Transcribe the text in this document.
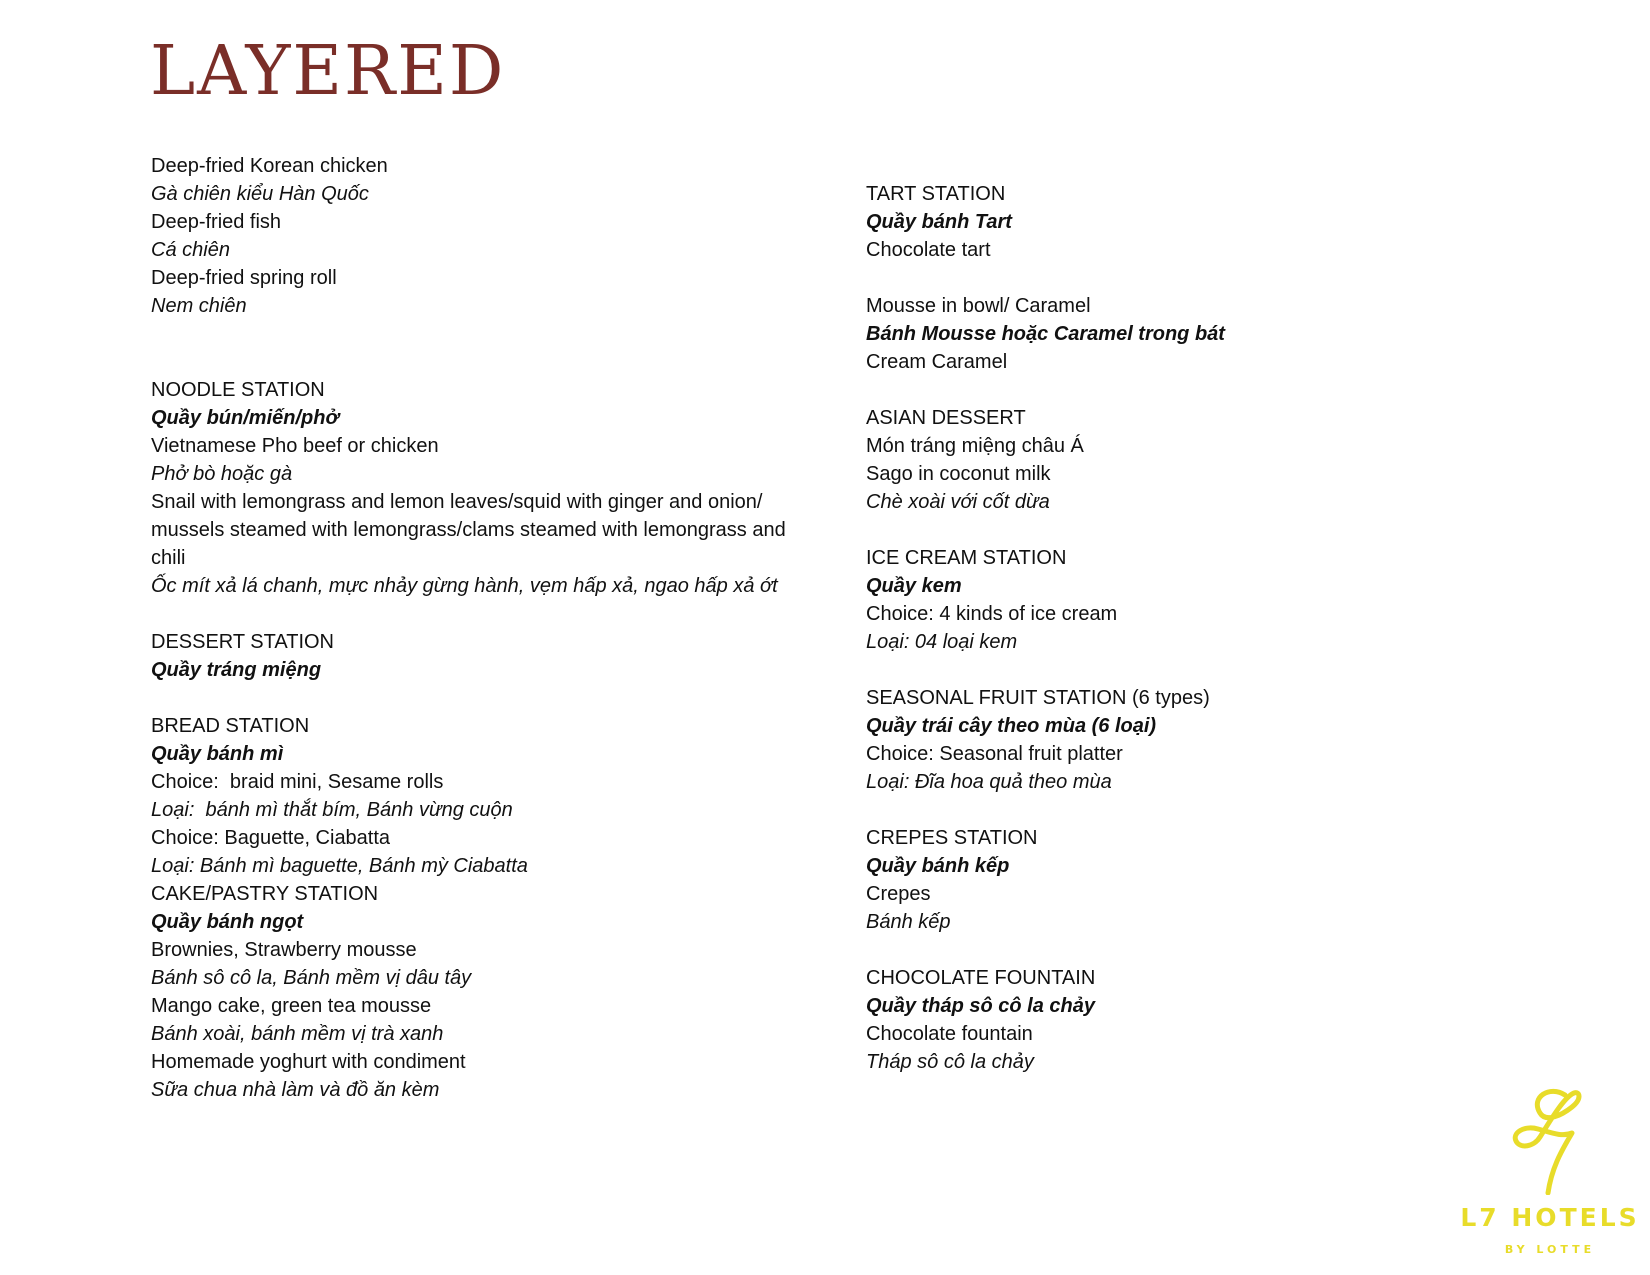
LAYERED
Deep-fried Korean chicken
Gà chiên kiểu Hàn Quốc
Deep-fried fish
Cá chiên
Deep-fried spring roll
Nem chiên
NOODLE STATION
Quầy bún/miến/phở
Vietnamese Pho beef or chicken
Phở bò hoặc gà
Snail with lemongrass and lemon leaves/squid with ginger and onion/ mussels steamed with lemongrass/clams steamed with lemongrass and chili
Ốc mít xả lá chanh, mực nhảy gừng hành, vẹm hấp xả, ngao hấp xả ớt
DESSERT STATION
Quầy tráng miệng
BREAD STATION
Quầy bánh mì
Choice:  braid mini, Sesame rolls
Loại:  bánh mì thắt bím, Bánh vừng cuộn
Choice: Baguette, Ciabatta
Loại: Bánh mì baguette, Bánh mỳ Ciabatta
CAKE/PASTRY STATION
Quầy bánh ngọt
Brownies, Strawberry mousse
Bánh sô cô la, Bánh mềm vị dâu tây
Mango cake, green tea mousse
Bánh xoài, bánh mềm vị trà xanh
Homemade yoghurt with condiment
Sữa chua nhà làm và đồ ăn kèm
TART STATION
Quầy bánh Tart
Chocolate tart
Mousse in bowl/ Caramel
Bánh Mousse hoặc Caramel trong bát
Cream Caramel
ASIAN DESSERT
Món tráng miệng châu Á
Sago in coconut milk
Chè xoài với cốt dừa
ICE CREAM STATION
Quầy kem
Choice: 4 kinds of ice cream
Loại: 04 loại kem
SEASONAL FRUIT STATION (6 types)
Quầy trái cây theo mùa (6 loại)
Choice: Seasonal fruit platter
Loại: Đĩa hoa quả theo mùa
CREPES STATION
Quầy bánh kếp
Crepes
Bánh kếp
CHOCOLATE FOUNTAIN
Quầy tháp sô cô la chảy
Chocolate fountain
Tháp sô cô la chảy
L7 HOTELS
BY LOTTE
